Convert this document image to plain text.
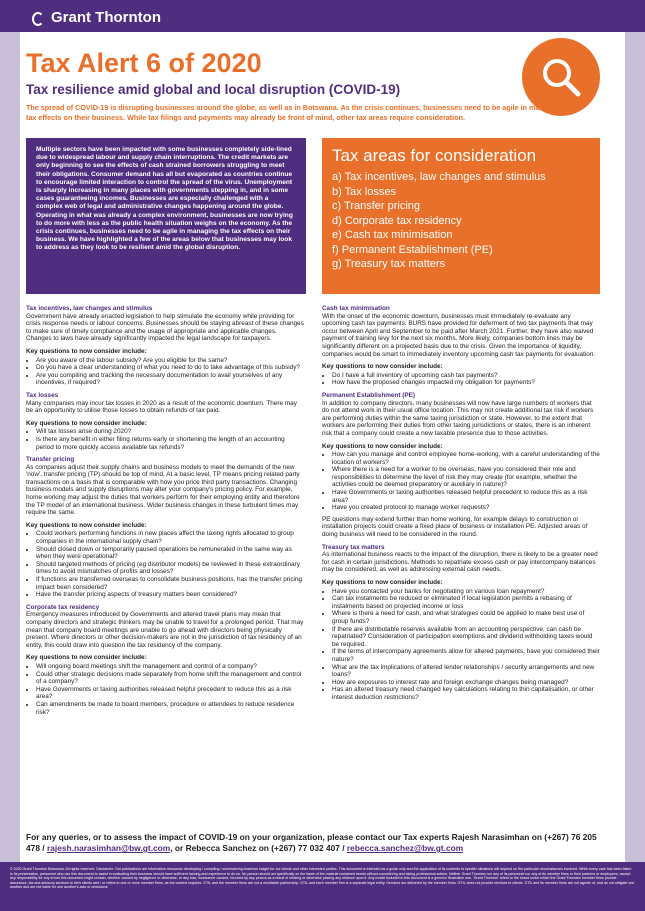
Grant Thornton
Tax Alert 6 of 2020
Tax resilience amid global and local disruption (COVID-19)
The spread of COVID-19 is disrupting businesses around the globe, as well as in Botswana. As the crisis continues, businesses need to be agile in managing the tax effects on their business. While tax filings and payments may already be front of mind, other tax areas require consideration.

Multiple sectors have been impacted with some businesses completely side-lined due to widespread labour and supply chain interruptions. The credit markets are only beginning to see the effects of cash strained borrowers struggling to meet their obligations. Consumer demand has all but evaporated as countries continue to encourage limited interaction to control the spread of the virus. Unemployment is sharply increasing in many places with governments stepping in, and in some cases guaranteeing incomes. Businesses are especially challenged with a complex web of legal and administrative changes happening around the globe. Operating in what was already a complex environment, businesses are now trying to do more with less as the public health situation weighs on the economy. As the crisis continues, businesses need to be agile in managing the tax effects on their business. We have highlighted a few of the areas below that businesses may look to address as they look to be resilient amid the global disruption.

Tax areas for consideration
a) Tax incentives, law changes and stimulus
b) Tax losses
c) Transfer pricing
d) Corporate tax residency
e) Cash tax minimisation
f) Permanent Establishment (PE)
g) Treasury tax matters
Tax incentives, law changes and stimulus

Government have already enacted legislation to help stimulate the economy while providing for crisis response needs or labour concerns. Businesses should be staying abreast of these changes to make sure of timely compliance and the usage of appropriate and applicable changes. Changes to laws have already significantly impacted the legal landscape for taxpayers.

Key questions to now consider include:
• Are you aware of the labour subsidy? Are you eligible for the same?
• Do you have a clear understanding of what you need to do to take advantage of this subsidy?
• Are you compiling and tracking the necessary documentation to avail yourselves of any incentives, if required?
Tax losses

Many companies may incur tax losses in 2020 as a result of the economic downturn. There may be an opportunity to utilise those losses to obtain refunds of tax paid.

Key questions to now consider include:
• Will tax losses arise during 2020?
• Is there any benefit in either filing returns early or shortening the length of an accounting period to more quickly access available tax refunds?
Transfer pricing

As companies adjust their supply chains and business models to meet the demands of the new 'now', transfer pricing (TP) should be top of mind. At a basic level, TP means pricing related party transactions on a basis that is comparable with how you price third party transactions. Changing business models and supply disruptions may alter your company's pricing policy. For example, home working may adjust the duties that workers perform for their employing entity and therefore the TP model of an international business. Wider business changes in these turbulent times may require the same.

Key questions to now consider include:
• Could workers performing functions in new places affect the taxing rights allocated to group companies in the international supply chain?
• Should closed down or temporarily paused operations be remunerated in the same way as when they were operational?
• Should targeted methods of pricing (eg distributor models) be reviewed in these extraordinary times to avoid mismatches of profits and losses?
• If functions are transferred overseas to consolidate business positions, has the transfer pricing impact been considered?
• Have the transfer pricing aspects of treasury matters been considered?
Corporate tax residency

Emergency measures introduced by Governments and altered travel plans may mean that company directors and strategic thinkers may be unable to travel for a prolonged period. That may mean that company board meetings are unable to go ahead with directors being physically present. Where directors or other decision-makers are not in the jurisdiction of tax residency of an entity, this could draw into question the tax residency of the company.

Key questions to now consider include:
• Will ongoing board meetings shift the management and control of a company?
• Could other strategic decisions made separately from home shift the management and control of a company?
• Have Governments or taxing authorities released helpful precedent to reduce this as a risk area?
• Can amendments be made to board members, procedure or attendees to reduce residence risk?
Cash tax minimisation

With the onset of the economic downturn, businesses must immediately re-evaluate any upcoming cash tax payments. BURS have provided for deferment of two tax payments that may occur between April and September to be paid after March 2021. Further, they have also waived payment of training levy for the next six months. More likely, companies bottom lines may be significantly different on a projected basis due to the crisis. Given the importance of liquidity, companies would be smart to immediately inventory upcoming cash tax payments for evaluation.

Key questions to now consider include:
• Do I have a full inventory of upcoming cash tax payments?
• How have the proposed changes impacted my obligation for payments?
Permanent Establishment (PE)

In addition to company directors, many businesses will now have large numbers of workers that do not attend work in their usual office location. This may not create additional tax risk if workers are performing duties within the same taxing jurisdiction or state. However, to the extent that workers are performing their duties from other taxing jurisdictions or states, there is an inherent risk that a company could create a new taxable presence due to those activities.

Key questions to now consider include:
• How can you manage and control employee home-working, with a careful understanding of the location of workers?
• Where there is a need for a worker to be overseas, have you considered their role and responsibilities to determine the level of risk they may create (for example, whether the activities could be deemed preparatory or auxiliary in nature)?
• Have Governments or taxing authorities released helpful precedent to reduce this as a risk area?
• Have you created protocol to manage worker requests?

PE questions may extend further than home working, for example delays to construction or installation projects could create a fixed place of business or installation PE. Adjusted areas of doing business will need to be considered in the round.

Treasury tax matters

As international business reacts to the impact of the disruption, there is likely to be a greater need for cash in certain jurisdictions. Methods to repatriate excess cash or pay intercompany balances may be considered, as well as addressing external cash needs.

Key questions to now consider include:
• Have you contacted your banks for negotiating on various loan repayment?
• Can tax instalments be reduced or eliminated if local legislation permits a rebasing of instalments based on projected income or loss
• Where is there a need for cash, and what strategies could be applied to make best use of group funds?
• If there are distributable reserves available from an accounting perspective, can cash be repatriated? Consideration of participation exemptions and dividend withholding taxes would be required.
• If the terms of intercompany agreements allow for altered payments, have you considered their nature?
• What are the tax implications of altered lender relationships / security arrangements and new loans?
• How are exposures to interest rate and foreign exchange changes being managed?
• Has an altered treasury need changed key calculations relating to thin capitalisation, or other interest deduction restrictions?
For any queries, or to assess the impact of COVID-19 on your organization, please contact our Tax experts Rajesh Narasimhan on (+267) 76 205 478 / rajesh.narasimhan@bw.gt.com, or Rebecca Sanchez on (+267) 77 032 407 / rebecca.sanchez@bw.gt.com

© 2020 Grant Thornton Botswana. All rights reserved. Disclaimer: Our publications are information resources developing / compiling / summarizing business insight for our clients and other interested parties. This document is intended as a guide only and the application of its contents to specific situations will depend on the particular circumstances involved. While every care has been taken in its presentation, personnel who use this document to assist in evaluating their business should have sufficient training and experience to do so. No person should act specifically on the basis of the material contained herein without considering and taking professional advice. Neither Grant Thornton nor any of its personnel nor any of its member firms or their partners or employees, accept any responsibility for any errors this document might contain, whether caused by negligence or otherwise, or any loss, howsoever caused, incurred by any person as a result of utilising or otherwise placing any reliance upon it. Any model included in this document is a generic/ illustrative one. 'Grant Thornton' refers to the brand under which the Grant Thornton member firms provide assurance, tax and advisory services to their clients and / or refers to one or more member firms, as the context requires. GTIL and the member firms are not a worldwide partnership. GTIL and each member firm is a separate legal entity. Services are delivered by the member firms. GTIL does not provide services to clients. GTIL and its member firms are not agents of, and do not obligate one another and are not liable for one another's acts or omissions.
